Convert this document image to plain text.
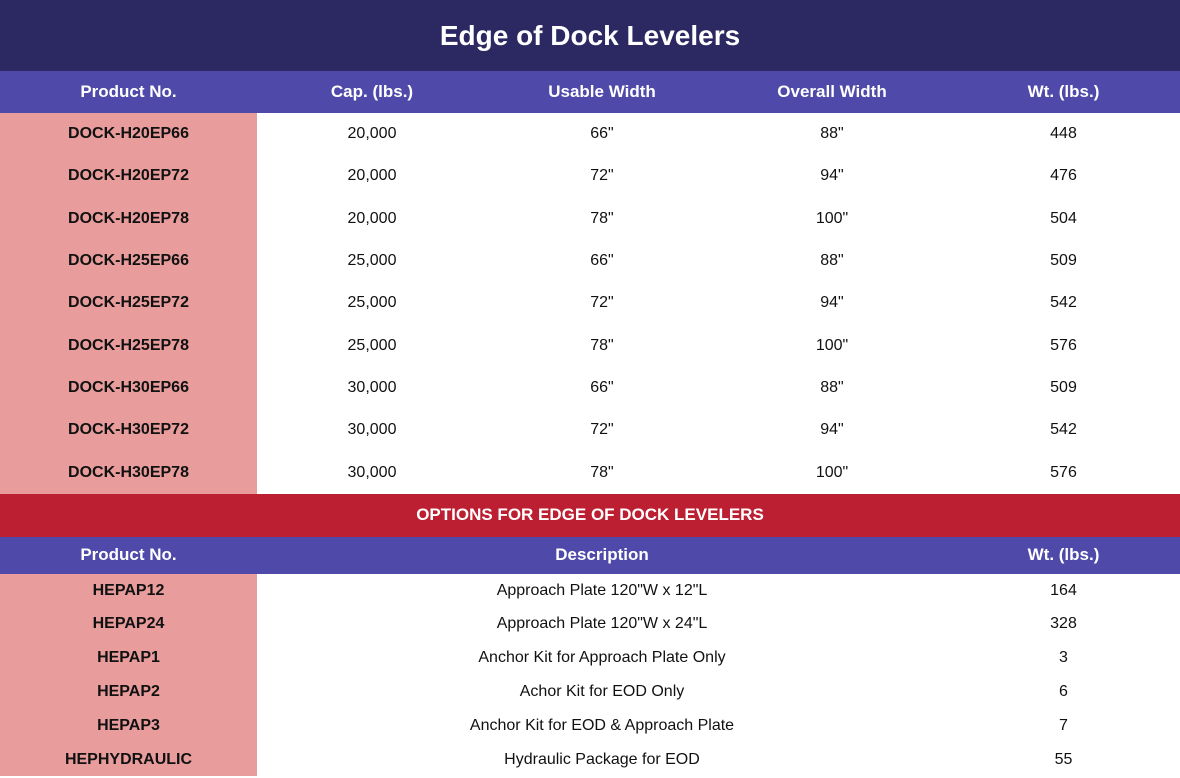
Edge of Dock Levelers
Product No.	Cap. (lbs.)	Usable Width	Overall Width	Wt. (lbs.)
DOCK-H20EP66	20,000	66"	88"	448
DOCK-H20EP72	20,000	72"	94"	476
DOCK-H20EP78	20,000	78"	100"	504
DOCK-H25EP66	25,000	66"	88"	509
DOCK-H25EP72	25,000	72"	94"	542
DOCK-H25EP78	25,000	78"	100"	576
DOCK-H30EP66	30,000	66"	88"	509
DOCK-H30EP72	30,000	72"	94"	542
DOCK-H30EP78	30,000	78"	100"	576
OPTIONS FOR EDGE OF DOCK LEVELERS
Product No.	Description	Wt. (lbs.)
HEPAP12	Approach Plate 120"W x 12"L	164
HEPAP24	Approach Plate 120"W x 24"L	328
HEPAP1	Anchor Kit for Approach Plate Only	3
HEPAP2	Achor Kit for EOD Only	6
HEPAP3	Anchor Kit for EOD & Approach Plate	7
HEPHYDRAULIC	Hydraulic Package for EOD	55
